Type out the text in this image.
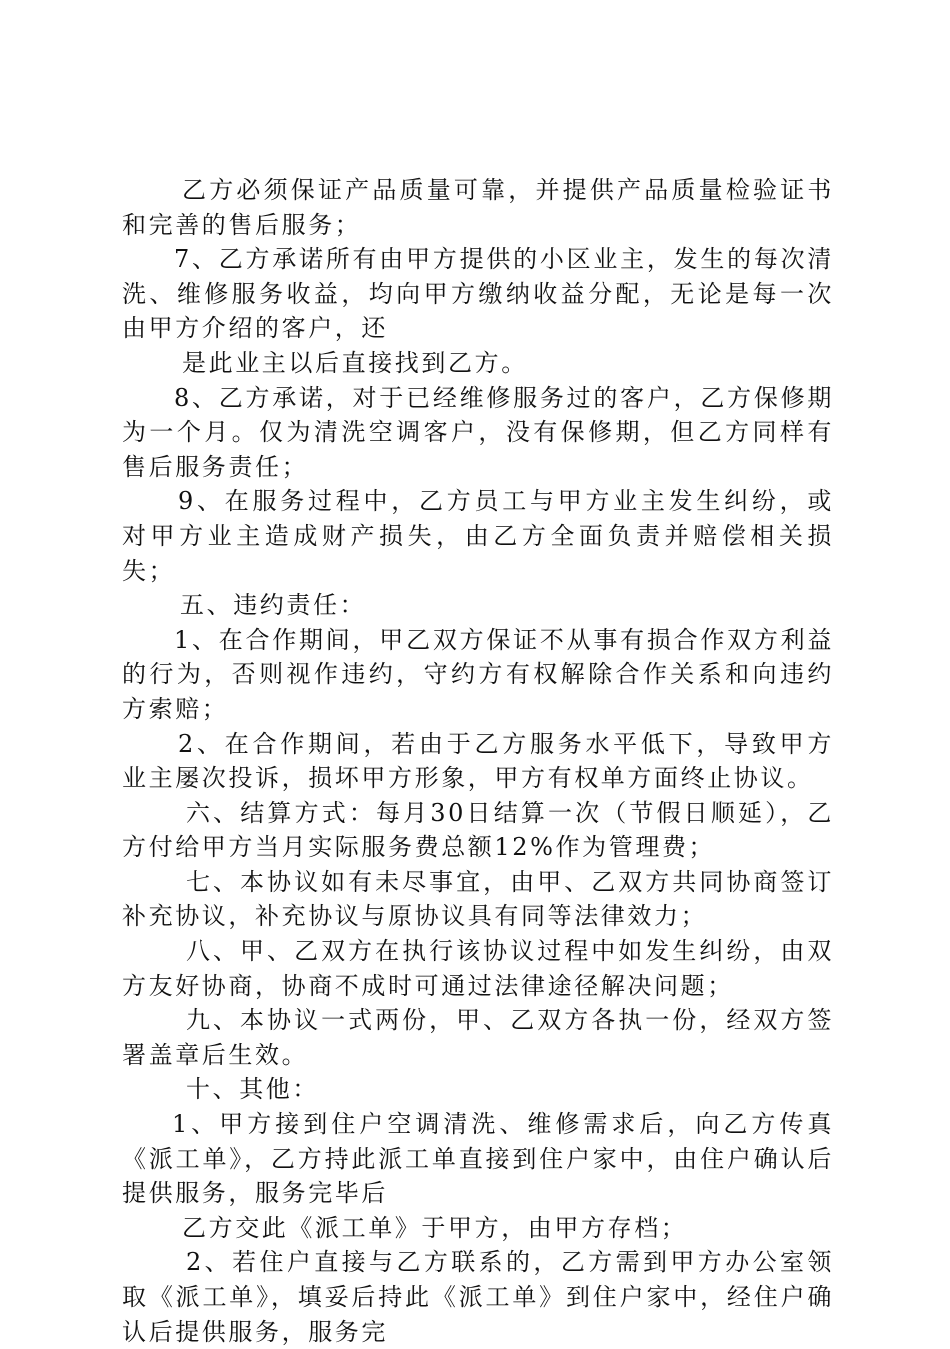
乙方必须保证产品质量可靠，并提供产品质量检验证书和完善的售后服务；

7、乙方承诺所有由甲方提供的小区业主，发生的每次清洗、维修服务收益，均向甲方缴纳收益分配，无论是每一次由甲方介绍的客户，还

是此业主以后直接找到乙方。

8、乙方承诺，对于已经维修服务过的客户，乙方保修期为一个月。仅为清洗空调客户，没有保修期，但乙方同样有售后服务责任；

9、在服务过程中，乙方员工与甲方业主发生纠纷，或对甲方业主造成财产损失，由乙方全面负责并赔偿相关损失；

五、违约责任：

1、在合作期间，甲乙双方保证不从事有损合作双方利益的行为，否则视作违约，守约方有权解除合作关系和向违约方索赔；

2、在合作期间，若由于乙方服务水平低下，导致甲方业主屡次投诉，损坏甲方形象，甲方有权单方面终止协议。

六、结算方式：每月30日结算一次（节假日顺延），乙方付给甲方当月实际服务费总额12%作为管理费；

七、本协议如有未尽事宜，由甲、乙双方共同协商签订补充协议，补充协议与原协议具有同等法律效力；

八、甲、乙双方在执行该协议过程中如发生纠纷，由双方友好协商，协商不成时可通过法律途径解决问题；

九、本协议一式两份，甲、乙双方各执一份，经双方签署盖章后生效。

十、其他：

1、甲方接到住户空调清洗、维修需求后，向乙方传真《派工单》，乙方持此派工单直接到住户家中，由住户确认后提供服务，服务完毕后

乙方交此《派工单》于甲方，由甲方存档；

2、若住户直接与乙方联系的，乙方需到甲方办公室领取《派工单》，填妥后持此《派工单》到住户家中，经住户确认后提供服务，服务完
